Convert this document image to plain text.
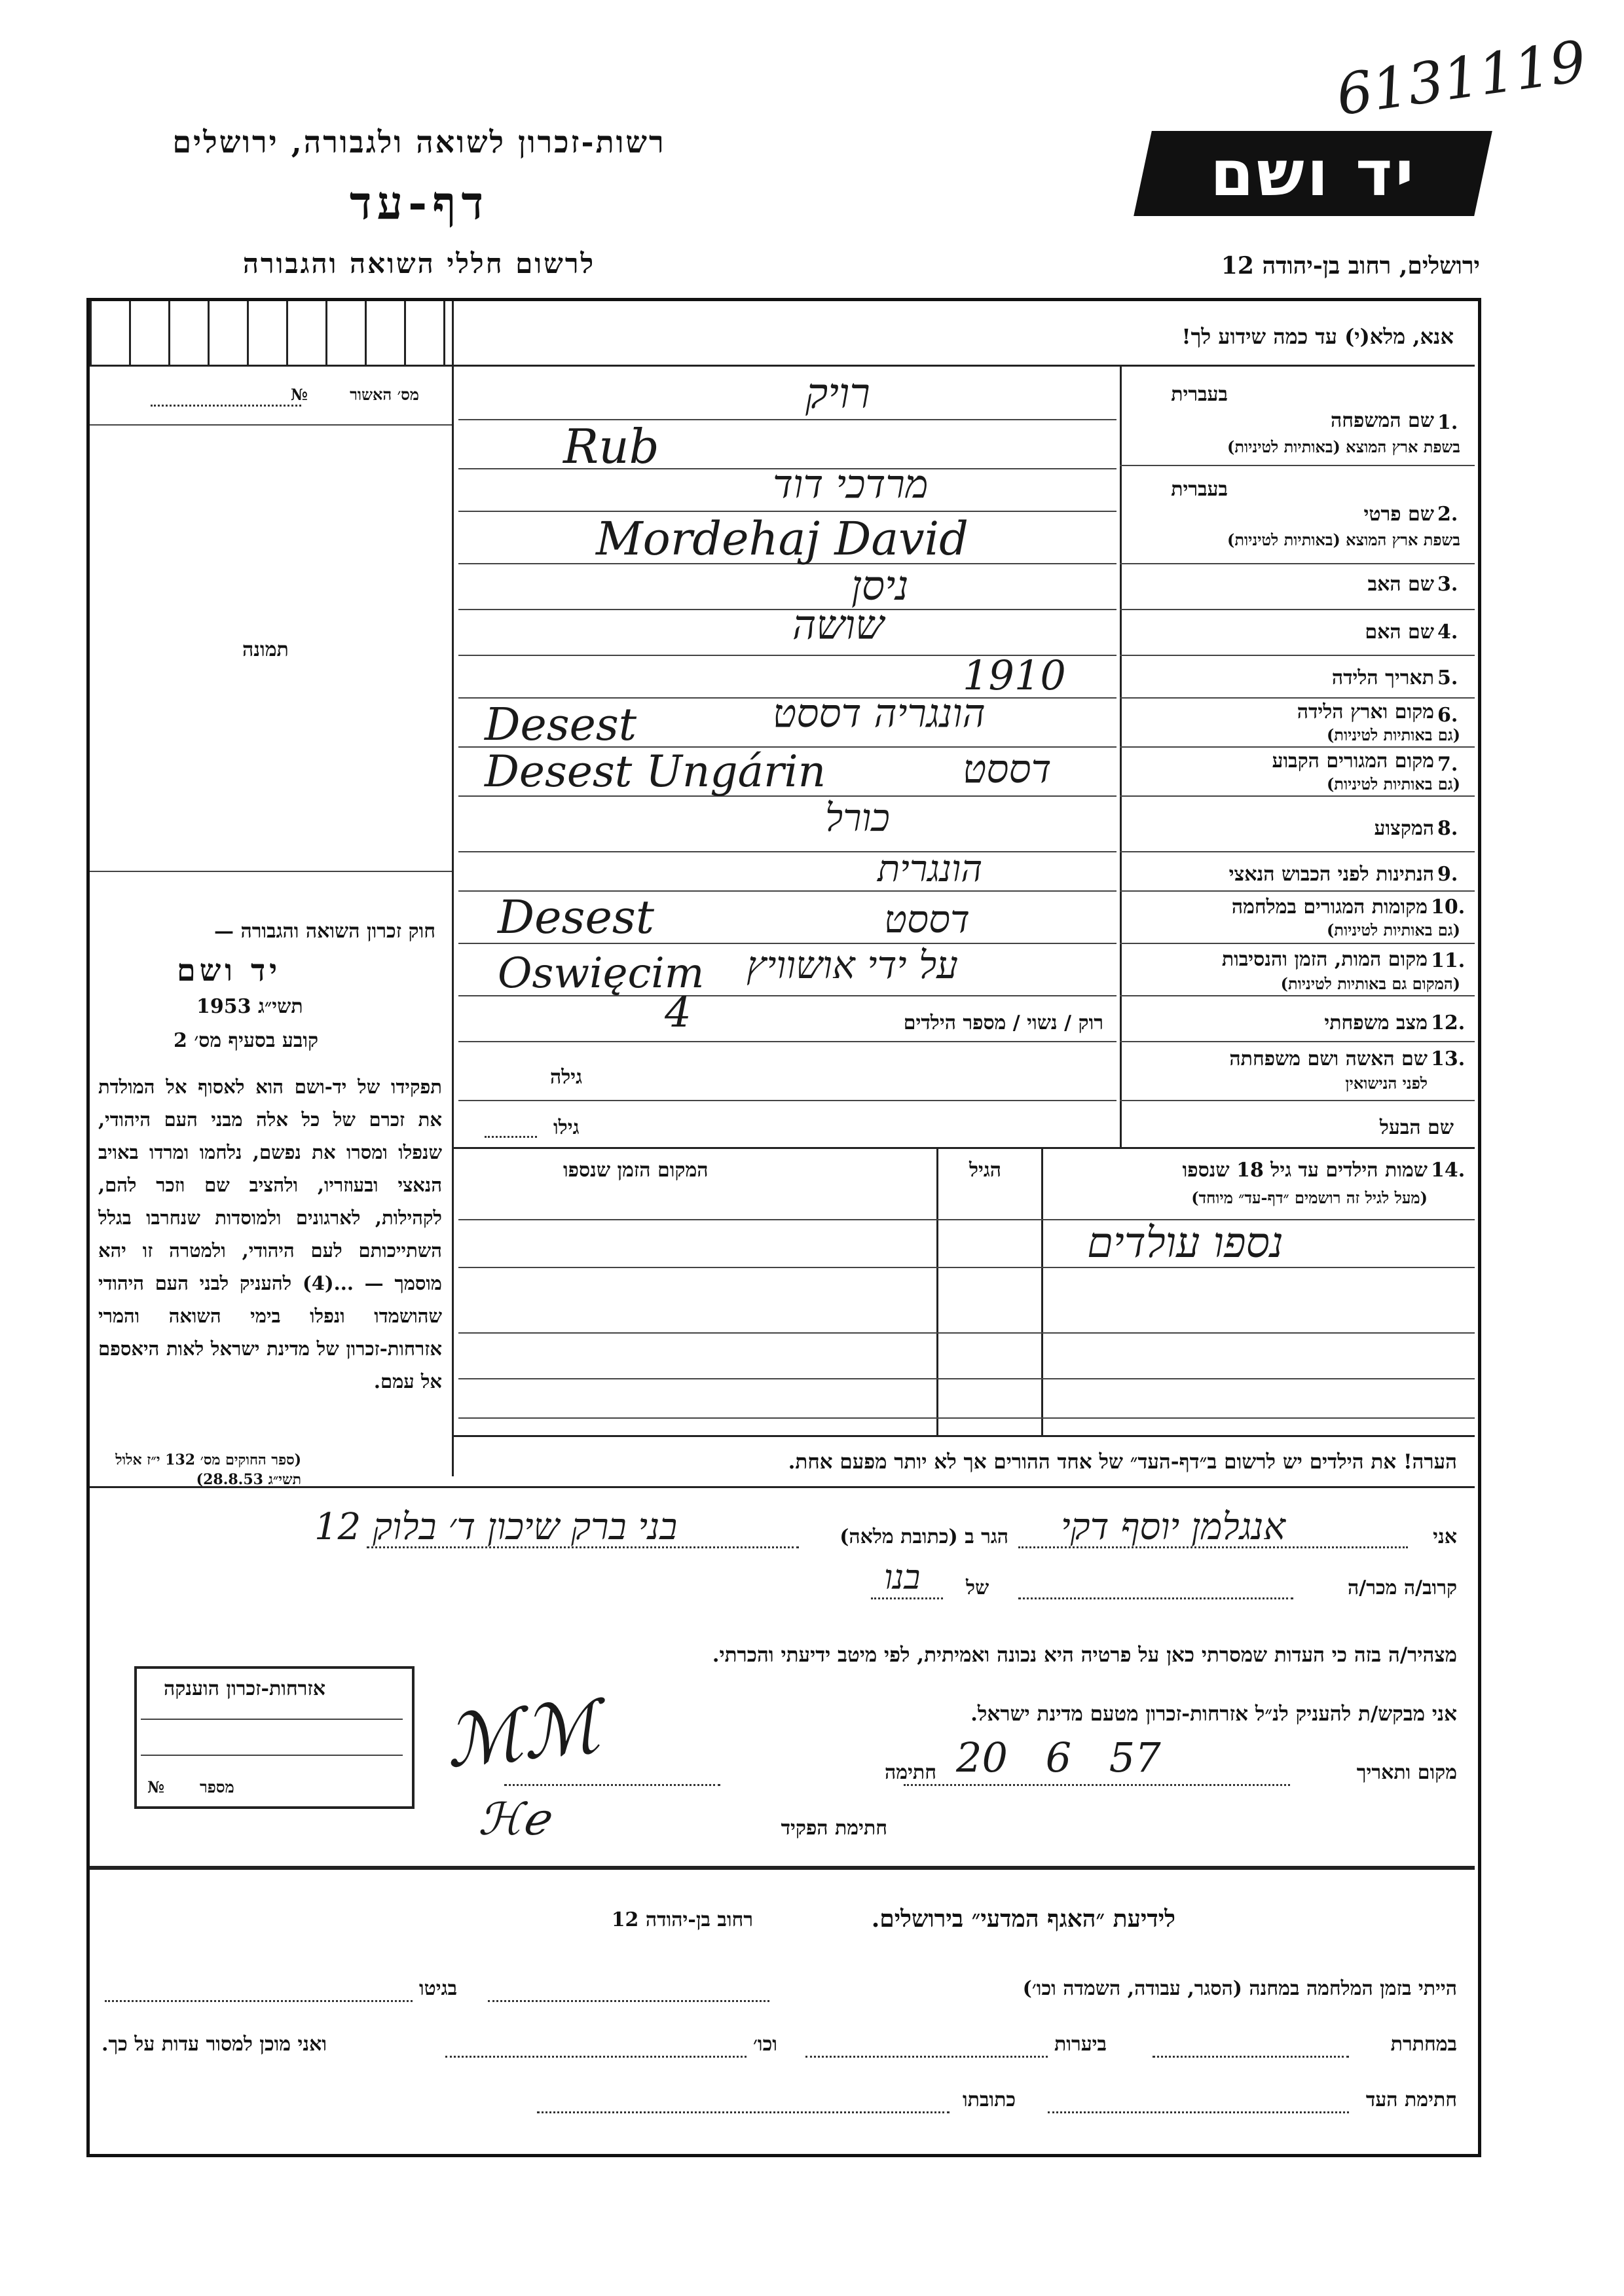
6131119
רשות-זכרון לשואה ולגבורה, ירושלים
דף-עד
לרשום חללי השואה והגבורה
יד ושם
ירושלים, רחוב בן-יהודה 12
אנא, מלא(י) עד כמה שידוע לך!
№	מס׳ האשור
תמונה
חוק זכרון השואה והגבורה —
יד ושם
תשי״ג 1953
קובע בסעיף מס׳ 2
תפקידו של יד-ושם הוא לאסוף אל המולדת את זכרם של כל אלה מבני העם היהודי, שנפלו ומסרו את נפשם, נלחמו ומרדו באויב הנאצי ובעוזריו, ולהציב שם וזכר להם, לקהילות, לארגונים ולמוסדות שנחרבו בגלל השתייכותם לעם היהודי, ולמטרה זו יהא מוסמך — ...(4) להעניק לבני העם היהודי שהושמדו ונפלו בימי השואה והמרי אזרחות-זכרון של מדינת ישראל לאות היאספם אל עמם.
(ספר החוקים מס׳ 132 י״ז אלול תשי״ג 28.8.53)
1.
בעברית
שם המשפחה
בשפת ארץ המוצא (באותיות לטיניות)
רויק
Rub
2.
בעברית
שם פרטי
בשפת ארץ המוצא (באותיות לטיניות)
מרדכי דוד
Mordehaj David
3.
שם האב
ניסן
4.
שם האם
שושה
5.
תאריך הלידה
1910
6.
מקום וארץ הלידה
(גם באותיות לטיניות)
Desest	הונגריה דססט
7.
מקום המגורים הקבוע
(גם באותיות לטיניות)
Desest Ungárin	דססט
8.
המקצוע
כורל
9.
הנתינות לפני הכבוש הנאצי
הונגרית
10.
מקומות המגורים במלחמה
(גם באותיות לטיניות)
Desest	דססט
11.
מקום המות, הזמן והנסיבות
(המקום גם באותיות לטיניות)
Oswięcim על ידי אושוויץ
12.
מצב משפחתי
רוק / נשוי / מספר הילדים
4
13.
שם האשה ושם משפחתה
לפני הנישואין
גילה
שם הבעל
גילו
14.
שמות הילדים עד גיל 18 שנספו
(מעל לגיל זה רושמים ״דף-עד״ מיוחד)
הגיל
המקום הזמן שנספו
נספו עולדים
הערה! את הילדים יש לרשום ב״דף-העד״ של אחד ההורים אך לא יותר מפעם אחת.
אני
אנגלמן יוסף דקי
הגר ב (כתובת מלאה)
בני ברק שיכון ד׳ בלוק 12
קרוב/ה מכר/ה
של
בנו
מצהיר/ה בזה כי העדות שמסרתי כאן על פרטיה היא נכונה ואמיתית, לפי מיטב ידיעתי והכרתי.
אני מבקש/ת להעניק לנ״ל אזרחות-זכרון מטעם מדינת ישראל.
מקום ותאריך
20 6 57
חתימה
ℳℳ
חתימת הפקיד
ℋℯ
אזרחות-זכרון הוענקה
מספר
№
לידיעת ״האגף המדעי״ בירושלים.
רחוב בן-יהודה 12
הייתי בזמן המלחמה במחנה (הסגר, עבודה, השמדה וכו׳)
בגיטו
במחתרת
ביערות
וכו׳
ואני מוכן למסור עדות על כך.
חתימת העד
כתובתו
